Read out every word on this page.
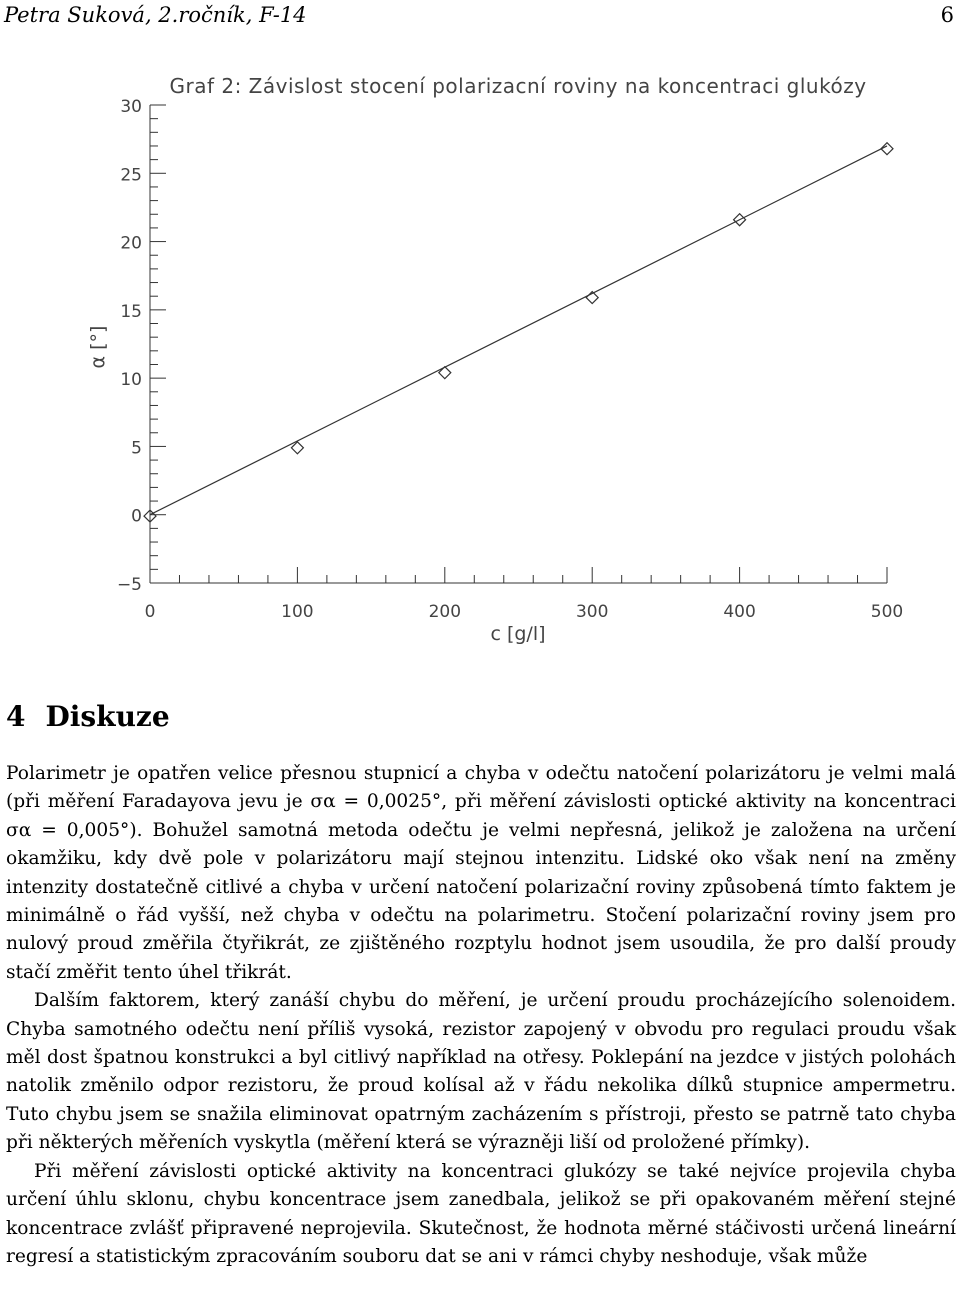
Petra Suková, 2.ročník, F-14	6
Graf 2: Závislost stocení polarizacní roviny na koncentraci glukózy
−5
0
5
10
15
20
25
30
0	100	200	300	400	500
c [g/l]
α [°]
4 Diskuze

Polarimetr je opatřen velice přesnou stupnicí a chyba v odečtu natočení polarizátoru je velmi malá (při měření Faradayova jevu je σα = 0,0025°, při měření závislosti optické aktivity na koncentraci σα = 0,005°). Bohužel samotná metoda odečtu je velmi nepřesná, jelikož je založena na určení okamžiku, kdy dvě pole v polarizátoru mají stejnou intenzitu. Lidské oko však není na změny intenzity dostatečně citlivé a chyba v určení natočení polarizační roviny způsobená tímto faktem je minimálně o řád vyšší, než chyba v odečtu na polarimetru. Stočení polarizační roviny jsem pro nulový proud změřila čtyřikrát, ze zjištěného rozptylu hodnot jsem usoudila, že pro další proudy stačí změřit tento úhel třikrát.

Dalším faktorem, který zanáší chybu do měření, je určení proudu procházejícího solenoidem. Chyba samotného odečtu není příliš vysoká, rezistor zapojený v obvodu pro regulaci proudu však měl dost špatnou konstrukci a byl citlivý například na otřesy. Poklepání na jezdce v jistých polohách natolik změnilo odpor rezistoru, že proud kolísal až v řádu nekolika dílků stupnice ampermetru. Tuto chybu jsem se snažila eliminovat opatrným zacházením s přístroji, přesto se patrně tato chyba při některých měřeních vyskytla (měření která se výrazněji liší od proložené přímky).

Při měření závislosti optické aktivity na koncentraci glukózy se také nejvíce projevila chyba určení úhlu sklonu, chybu koncentrace jsem zanedbala, jelikož se při opakovaném měření stejné koncentrace zvlášť připravené neprojevila. Skutečnost, že hodnota měrné stáčivosti určená lineární regresí a statistickým zpracováním souboru dat se ani v rámci chyby neshoduje, však může
